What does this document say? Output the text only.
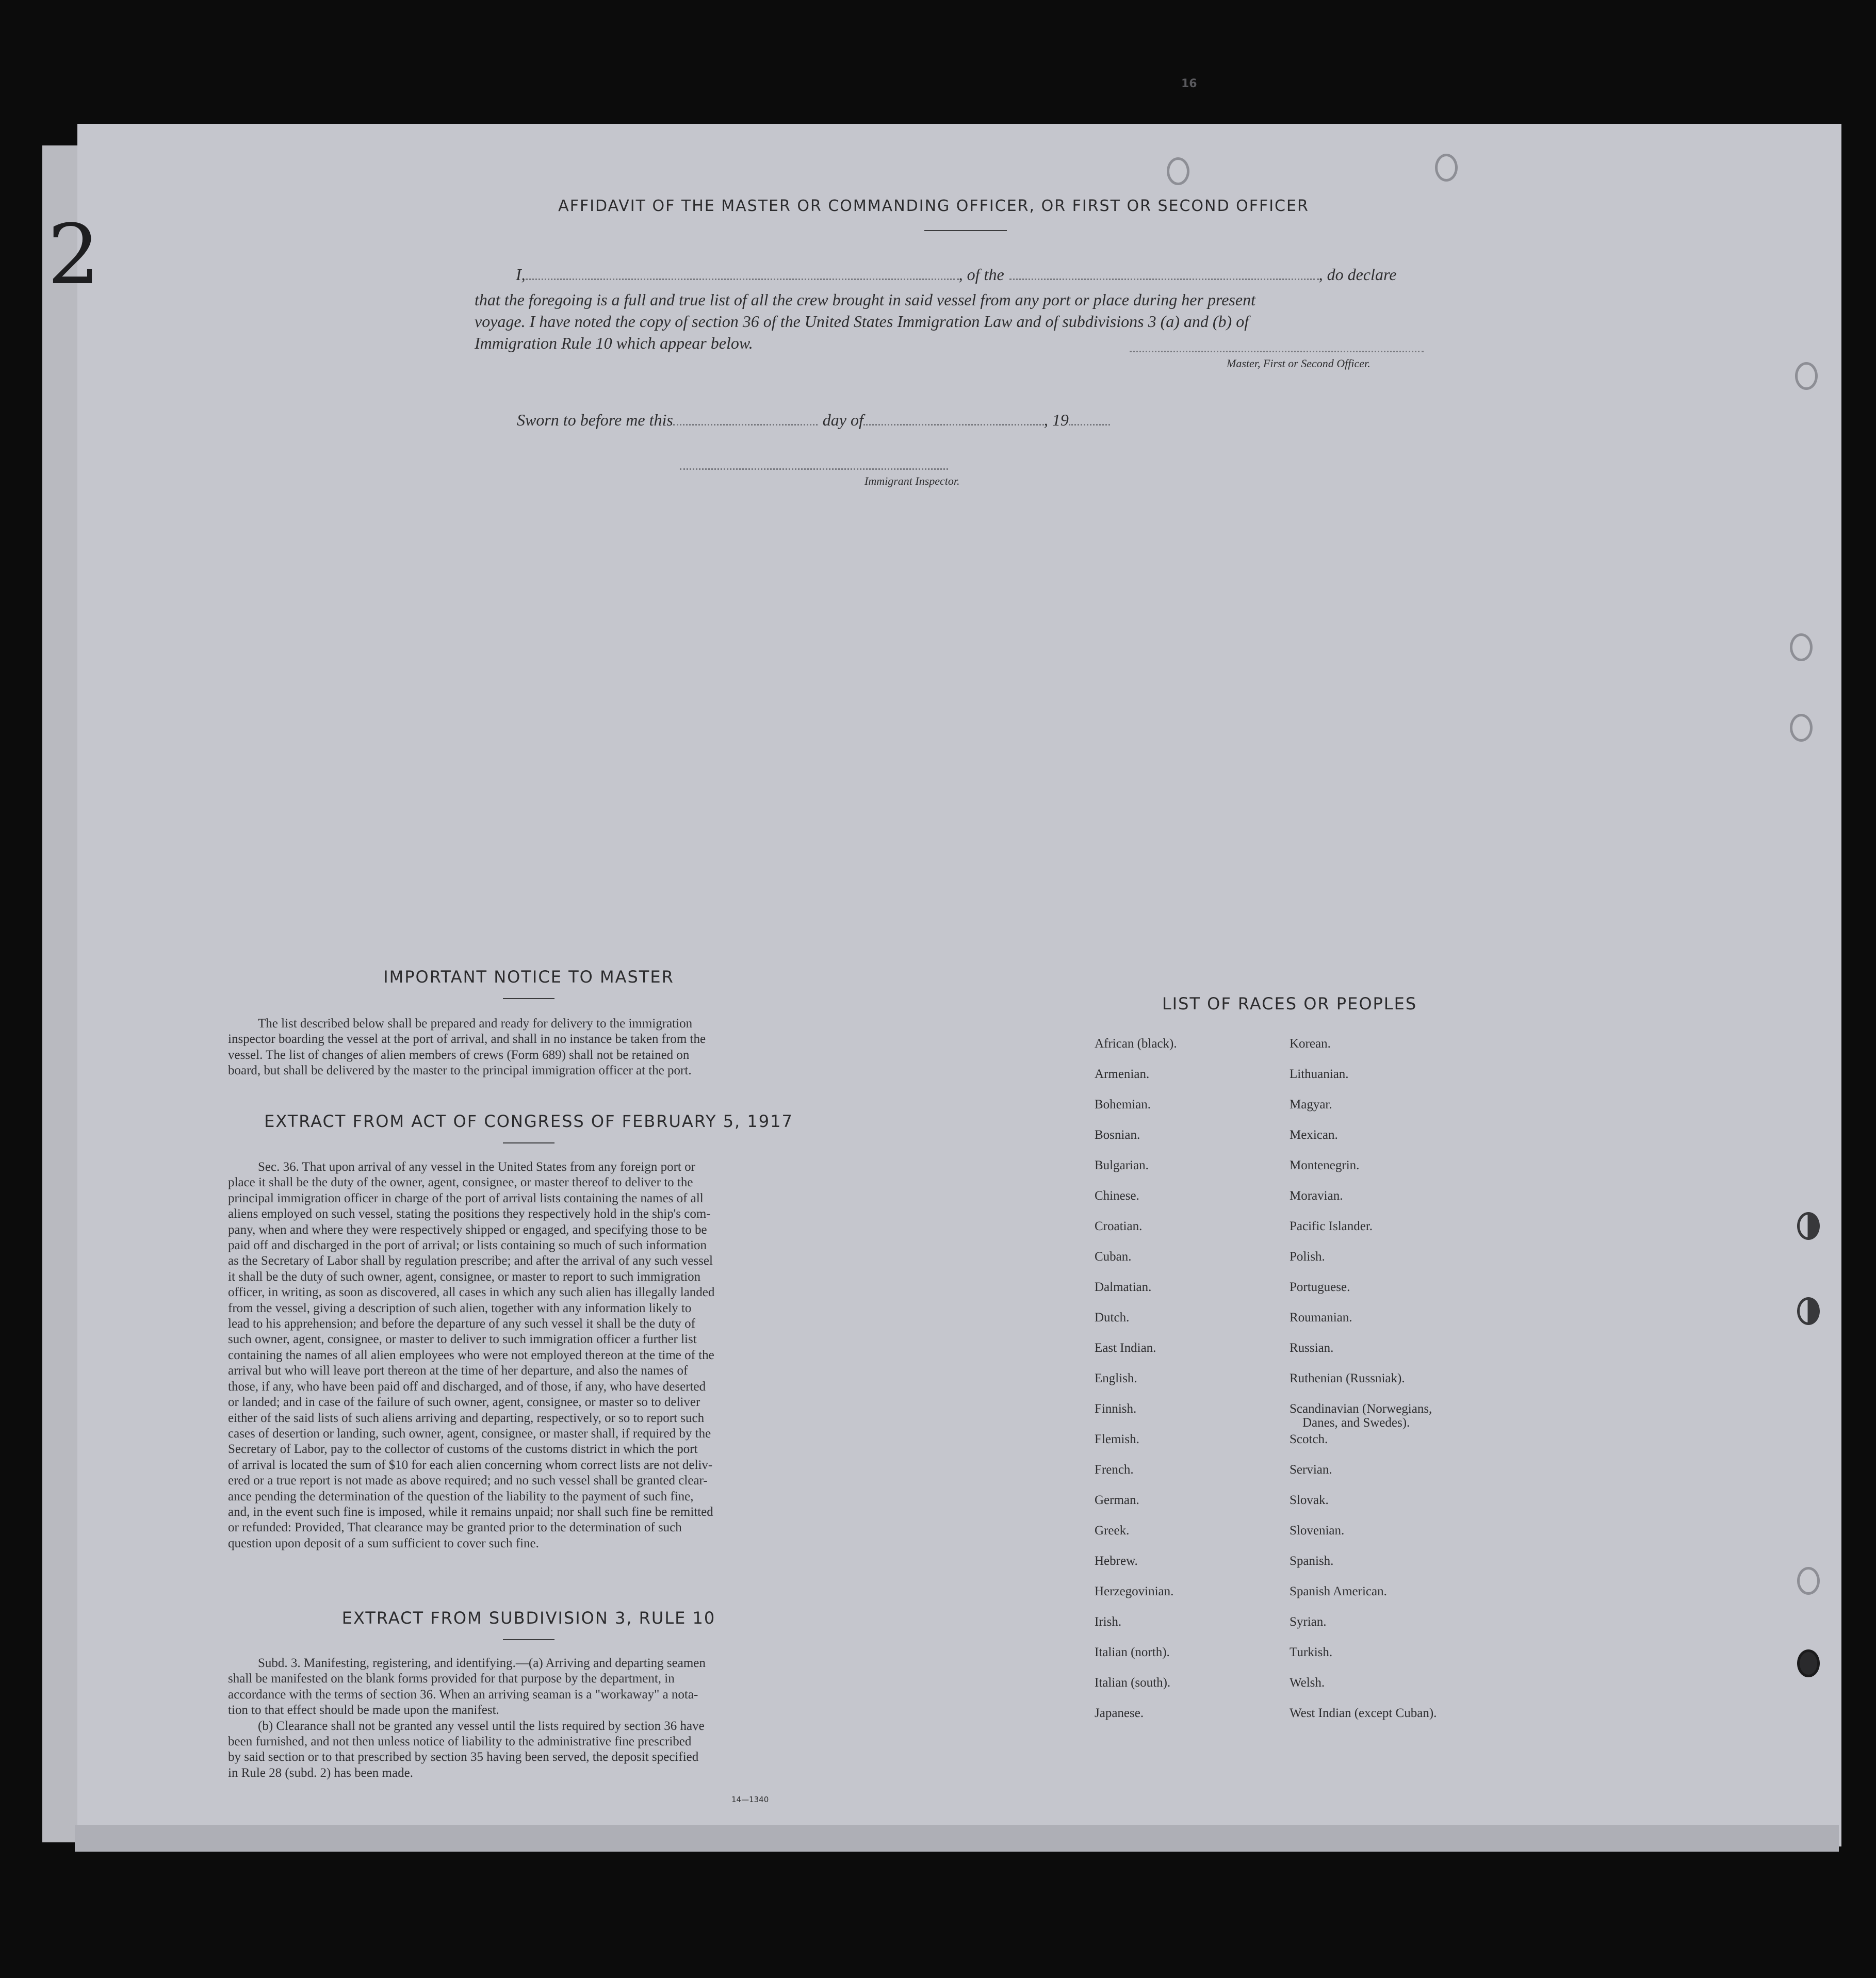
2
16
AFFIDAVIT OF THE MASTER OR COMMANDING OFFICER, OR FIRST OR SECOND OFFICER
I,	, of the	, do declare
that the foregoing is a full and true list of all the crew brought in said vessel from any port or place during her present
voyage. I have noted the copy of section 36 of the United States Immigration Law and of subdivisions 3 (a) and (b) of
Immigration Rule 10 which appear below.
Master, First or Second Officer.
Sworn to before me this	day of	, 19
Immigrant Inspector.
IMPORTANT NOTICE TO MASTER
The list described below shall be prepared and ready for delivery to the immigration
inspector boarding the vessel at the port of arrival, and shall in no instance be taken from the
vessel. The list of changes of alien members of crews (Form 689) shall not be retained on
board, but shall be delivered by the master to the principal immigration officer at the port.
EXTRACT FROM ACT OF CONGRESS OF FEBRUARY 5, 1917
Sec. 36. That upon arrival of any vessel in the United States from any foreign port or
place it shall be the duty of the owner, agent, consignee, or master thereof to deliver to the
principal immigration officer in charge of the port of arrival lists containing the names of all
aliens employed on such vessel, stating the positions they respectively hold in the ship's com-
pany, when and where they were respectively shipped or engaged, and specifying those to be
paid off and discharged in the port of arrival; or lists containing so much of such information
as the Secretary of Labor shall by regulation prescribe; and after the arrival of any such vessel
it shall be the duty of such owner, agent, consignee, or master to report to such immigration
officer, in writing, as soon as discovered, all cases in which any such alien has illegally landed
from the vessel, giving a description of such alien, together with any information likely to
lead to his apprehension; and before the departure of any such vessel it shall be the duty of
such owner, agent, consignee, or master to deliver to such immigration officer a further list
containing the names of all alien employees who were not employed thereon at the time of the
arrival but who will leave port thereon at the time of her departure, and also the names of
those, if any, who have been paid off and discharged, and of those, if any, who have deserted
or landed; and in case of the failure of such owner, agent, consignee, or master so to deliver
either of the said lists of such aliens arriving and departing, respectively, or so to report such
cases of desertion or landing, such owner, agent, consignee, or master shall, if required by the
Secretary of Labor, pay to the collector of customs of the customs district in which the port
of arrival is located the sum of $10 for each alien concerning whom correct lists are not deliv-
ered or a true report is not made as above required; and no such vessel shall be granted clear-
ance pending the determination of the question of the liability to the payment of such fine,
and, in the event such fine is imposed, while it remains unpaid; nor shall such fine be remitted
or refunded: Provided, That clearance may be granted prior to the determination of such
question upon deposit of a sum sufficient to cover such fine.
EXTRACT FROM SUBDIVISION 3, RULE 10
Subd. 3. Manifesting, registering, and identifying.—(a) Arriving and departing seamen
shall be manifested on the blank forms provided for that purpose by the department, in
accordance with the terms of section 36. When an arriving seaman is a "workaway" a nota-
tion to that effect should be made upon the manifest.
(b) Clearance shall not be granted any vessel until the lists required by section 36 have
been furnished, and not then unless notice of liability to the administrative fine prescribed
by said section or to that prescribed by section 35 having been served, the deposit specified
in Rule 28 (subd. 2) has been made.
14—1340
LIST OF RACES OR PEOPLES
African (black).	Korean.
Armenian.	Lithuanian.
Bohemian.	Magyar.
Bosnian.	Mexican.
Bulgarian.	Montenegrin.
Chinese.	Moravian.
Croatian.	Pacific Islander.
Cuban.	Polish.
Dalmatian.	Portuguese.
Dutch.	Roumanian.
East Indian.	Russian.
English.	Ruthenian (Russniak).
Finnish.	Scandinavian (Norwegians,
Danes, and Swedes).
Flemish.	Scotch.
French.	Servian.
German.	Slovak.
Greek.	Slovenian.
Hebrew.	Spanish.
Herzegovinian.	Spanish American.
Irish.	Syrian.
Italian (north).	Turkish.
Italian (south).	Welsh.
Japanese.	West Indian (except Cuban).
